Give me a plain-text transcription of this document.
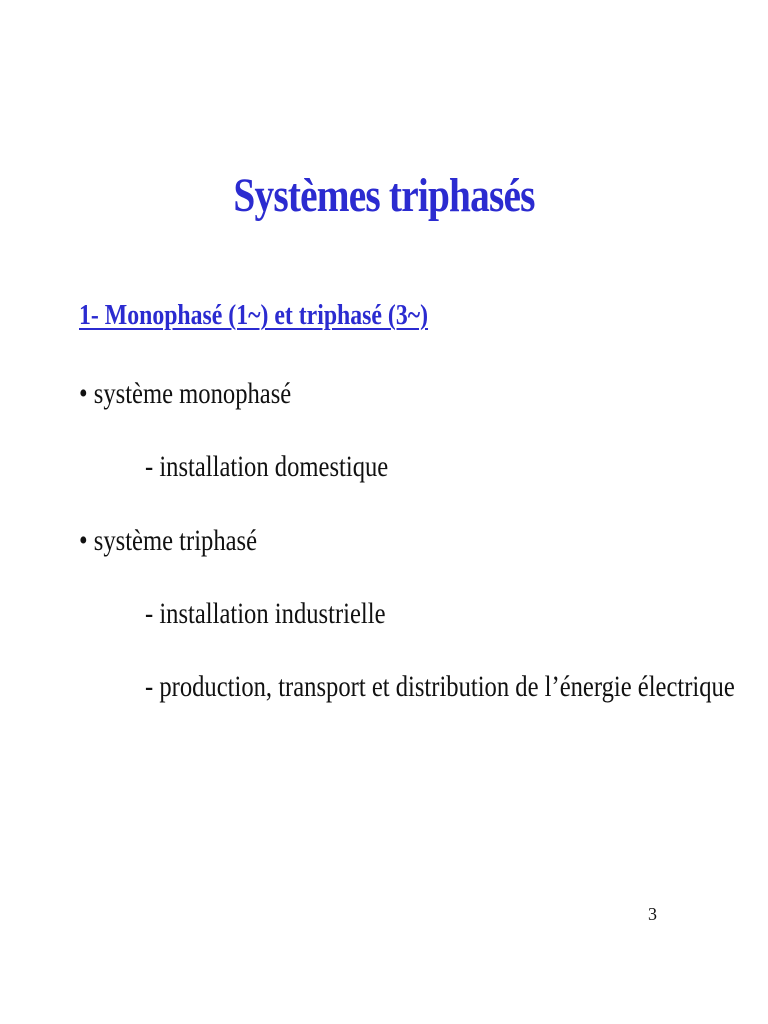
Systèmes triphasés
1- Monophasé (1~) et triphasé (3~)
• système monophasé
- installation domestique
• système triphasé
- installation industrielle
- production, transport et distribution de l’énergie électrique
3
